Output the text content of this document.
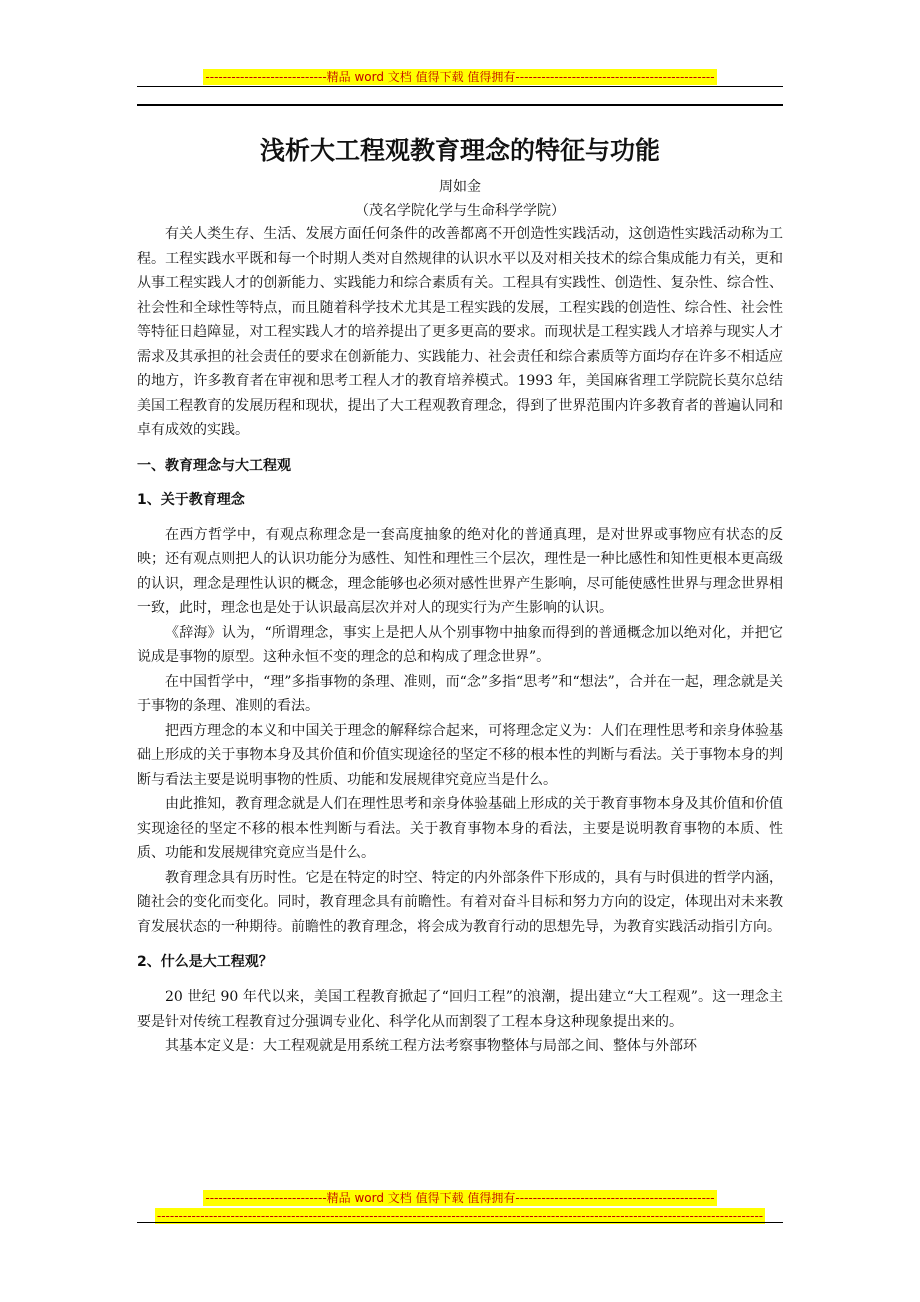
----------------------------精品 word 文档 值得下载 值得拥有----------------------------------------------
浅析大工程观教育理念的特征与功能
周如金
（茂名学院化学与生命科学学院）

有关人类生存、生活、发展方面任何条件的改善都离不开创造性实践活动，这创造性实践活动称为工程。工程实践水平既和每一个时期人类对自然规律的认识水平以及对相关技术的综合集成能力有关，更和从事工程实践人才的创新能力、实践能力和综合素质有关。工程具有实践性、创造性、复杂性、综合性、社会性和全球性等特点，而且随着科学技术尤其是工程实践的发展，工程实践的创造性、综合性、社会性等特征日趋障显，对工程实践人才的培养提出了更多更高的要求。而现状是工程实践人才培养与现实人才需求及其承担的社会责任的要求在创新能力、实践能力、社会责任和综合素质等方面均存在许多不相适应的地方，许多教育者在审视和思考工程人才的教育培养模式。1993 年，美国麻省理工学院院长莫尔总结美国工程教育的发展历程和现状，提出了大工程观教育理念，得到了世界范围内许多教育者的普遍认同和卓有成效的实践。

一、教育理念与大工程观
1、关于教育理念

在西方哲学中，有观点称理念是一套高度抽象的绝对化的普通真理，是对世界或事物应有状态的反映；还有观点则把人的认识功能分为感性、知性和理性三个层次，理性是一种比感性和知性更根本更高级的认识，理念是理性认识的概念，理念能够也必须对感性世界产生影响，尽可能使感性世界与理念世界相一致，此时，理念也是处于认识最高层次并对人的现实行为产生影响的认识。

《辞海》认为，“所谓理念，事实上是把人从个别事物中抽象而得到的普通概念加以绝对化，并把它说成是事物的原型。这种永恒不变的理念的总和构成了理念世界”。

在中国哲学中，“理”多指事物的条理、准则，而“念”多指“思考”和“想法”，合并在一起，理念就是关于事物的条理、准则的看法。

把西方理念的本义和中国关于理念的解释综合起来，可将理念定义为：人们在理性思考和亲身体验基础上形成的关于事物本身及其价值和价值实现途径的坚定不移的根本性的判断与看法。关于事物本身的判断与看法主要是说明事物的性质、功能和发展规律究竟应当是什么。

由此推知，教育理念就是人们在理性思考和亲身体验基础上形成的关于教育事物本身及其价值和价值实现途径的坚定不移的根本性判断与看法。关于教育事物本身的看法，主要是说明教育事物的本质、性质、功能和发展规律究竟应当是什么。

教育理念具有历时性。它是在特定的时空、特定的内外部条件下形成的，具有与时俱进的哲学内涵，随社会的变化而变化。同时，教育理念具有前瞻性。有着对奋斗目标和努力方向的设定，体现出对未来教育发展状态的一种期待。前瞻性的教育理念，将会成为教育行动的思想先导，为教育实践活动指引方向。

2、什么是大工程观？

20 世纪 90 年代以来，美国工程教育掀起了“回归工程”的浪潮，提出建立“大工程观”。这一理念主要是针对传统工程教育过分强调专业化、科学化从而割裂了工程本身这种现象提出来的。

其基本定义是：大工程观就是用系统工程方法考察事物整体与局部之间、整体与外部环

----------------------------精品 word 文档 值得下载 值得拥有----------------------------------------------
--------------------------------------------------------------------------------------------------------------------------------------------
